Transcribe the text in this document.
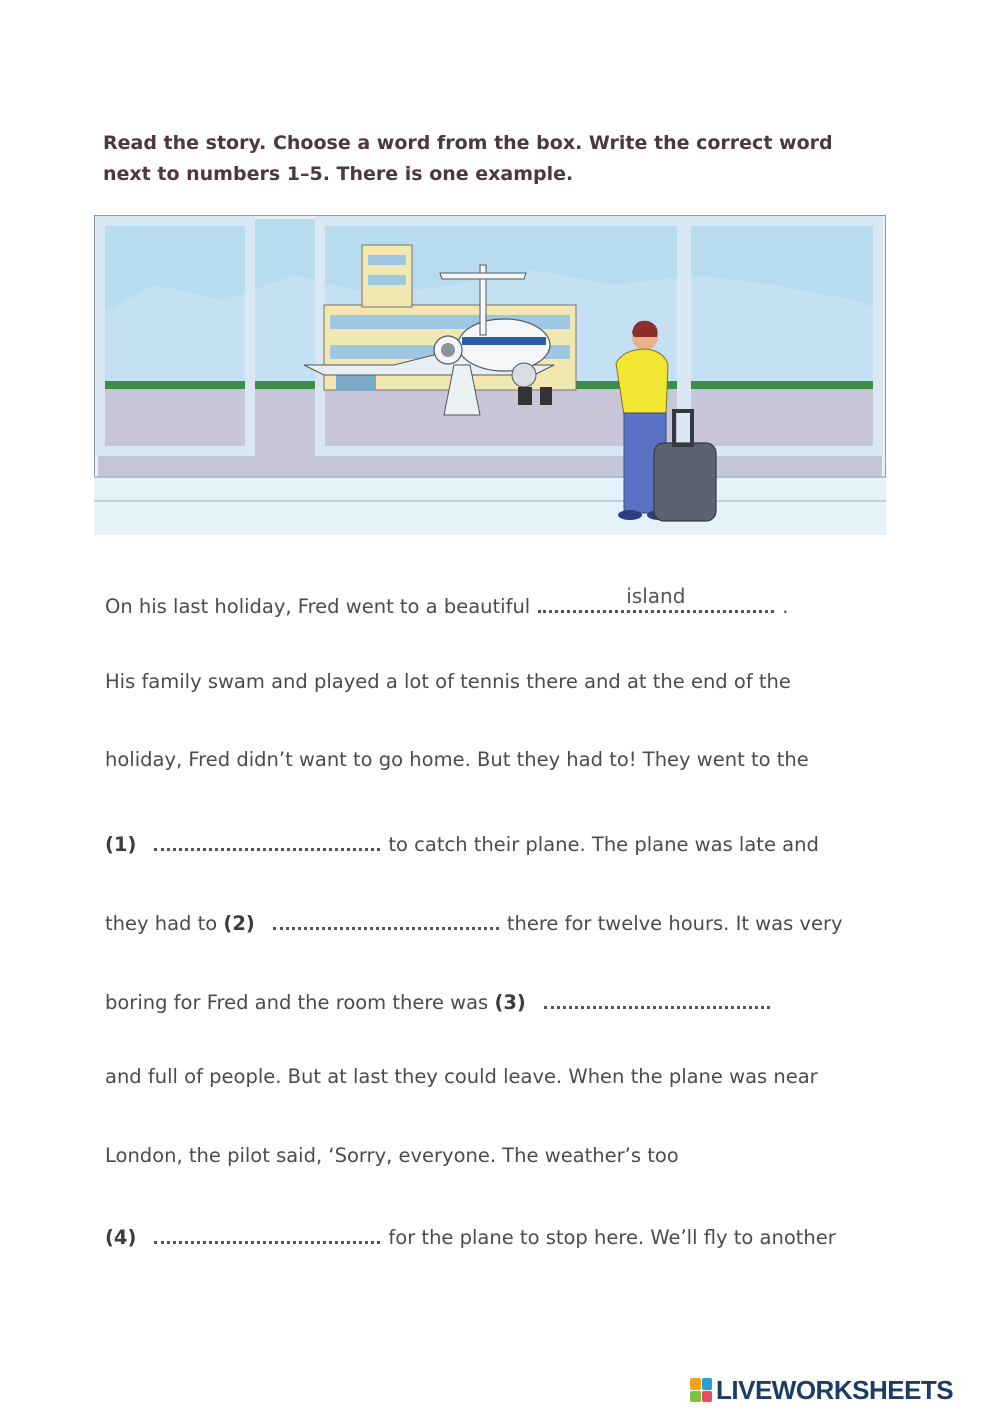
Read the story. Choose a word from the box. Write the correct word next to numbers 1–5. There is one example.
On his last holiday, Fred went to a beautiful	island	.
His family swam and played a lot of tennis there and at the end of the
holiday, Fred didn’t want to go home. But they had to! They went to the
(1)	to catch their plane. The plane was late and
they had to (2)	there for twelve hours. It was very
boring for Fred and the room there was (3)
and full of people. But at last they could leave. When the plane was near
London, the pilot said, ‘Sorry, everyone. The weather’s too
(4)	for the plane to stop here. We’ll fly to another
LIVEWORKSHEETS
